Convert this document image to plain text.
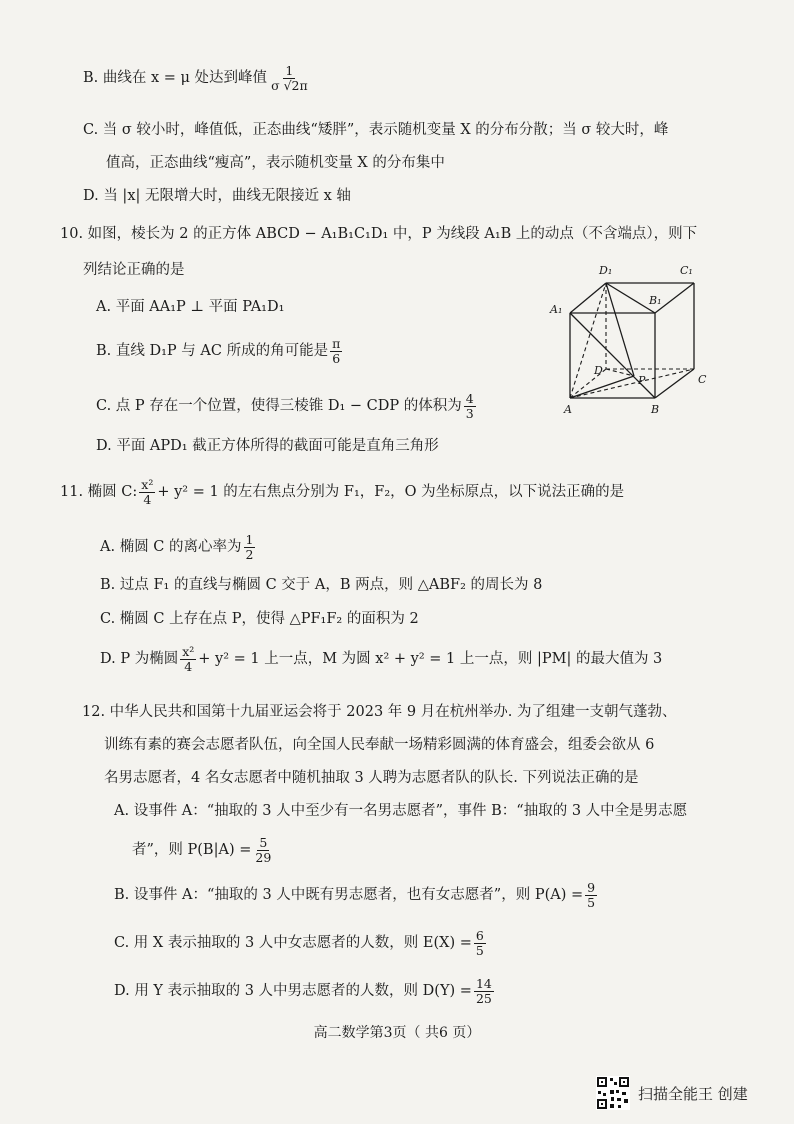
B. 曲线在 x = μ 处达到峰值 $\frac{1}{\sigma √2\pi}$
C. 当 σ 较小时，峰值低，正态曲线“矮胖”，表示随机变量 X 的分布分散；当 σ 较大时，峰
值高，正态曲线“瘦高”，表示随机变量 X 的分布集中
D. 当 |x| 无限增大时，曲线无限接近 x 轴
10. 如图，棱长为 2 的正方体 ABCD − A₁B₁C₁D₁ 中，P 为线段 A₁B 上的动点（不含端点），则下
列结论正确的是
A. 平面 AA₁P ⊥ 平面 PA₁D₁
B. 直线 D₁P 与 AC 所成的角可能是 $\frac{\pi}{6}$
C. 点 P 存在一个位置，使得三棱锥 D₁ − CDP 的体积为 $\frac{4}{3}$
D. 平面 APD₁ 截正方体所得的截面可能是直角三角形
D₁	C₁
A₁
B₁
D
C
A	B
P
11. 椭圆 C: $\frac{\text{x²}}{4} + y^2 = 1$ 的左右焦点分别为 F₁，F₂，O 为坐标原点，以下说法正确的是
A. 椭圆 C 的离心率为 $\frac{1}{2}$
B. 过点 F₁ 的直线与椭圆 C 交于 A，B 两点，则 △ABF₂ 的周长为 8
C. 椭圆 C 上存在点 P，使得 △PF₁F₂ 的面积为 2
D. P 为椭圆 $\frac{\text{x²}}{4} + y^2 = 1$ 上一点，M 为圆 x² + y² = 1 上一点，则 |PM| 的最大值为 3
12. 中华人民共和国第十九届亚运会将于 2023 年 9 月在杭州举办. 为了组建一支朝气蓬勃、
训练有素的赛会志愿者队伍，向全国人民奉献一场精彩圆满的体育盛会，组委会欲从 6
名男志愿者，4 名女志愿者中随机抽取 3 人聘为志愿者队的队长. 下列说法正确的是
A. 设事件 A：“抽取的 3 人中至少有一名男志愿者”，事件 B：“抽取的 3 人中全是男志愿
者”，则 $P(B|A) = \frac{5}{29}$
B. 设事件 A：“抽取的 3 人中既有男志愿者，也有女志愿者”，则 $P(A) = \frac{9}{5}$
C. 用 X 表示抽取的 3 人中女志愿者的人数，则 $E(X) = \frac{6}{5}$
D. 用 Y 表示抽取的 3 人中男志愿者的人数，则 $D(Y) = \frac{14}{25}$
高二数学第3页（ 共6 页）
扫描全能王 创建
